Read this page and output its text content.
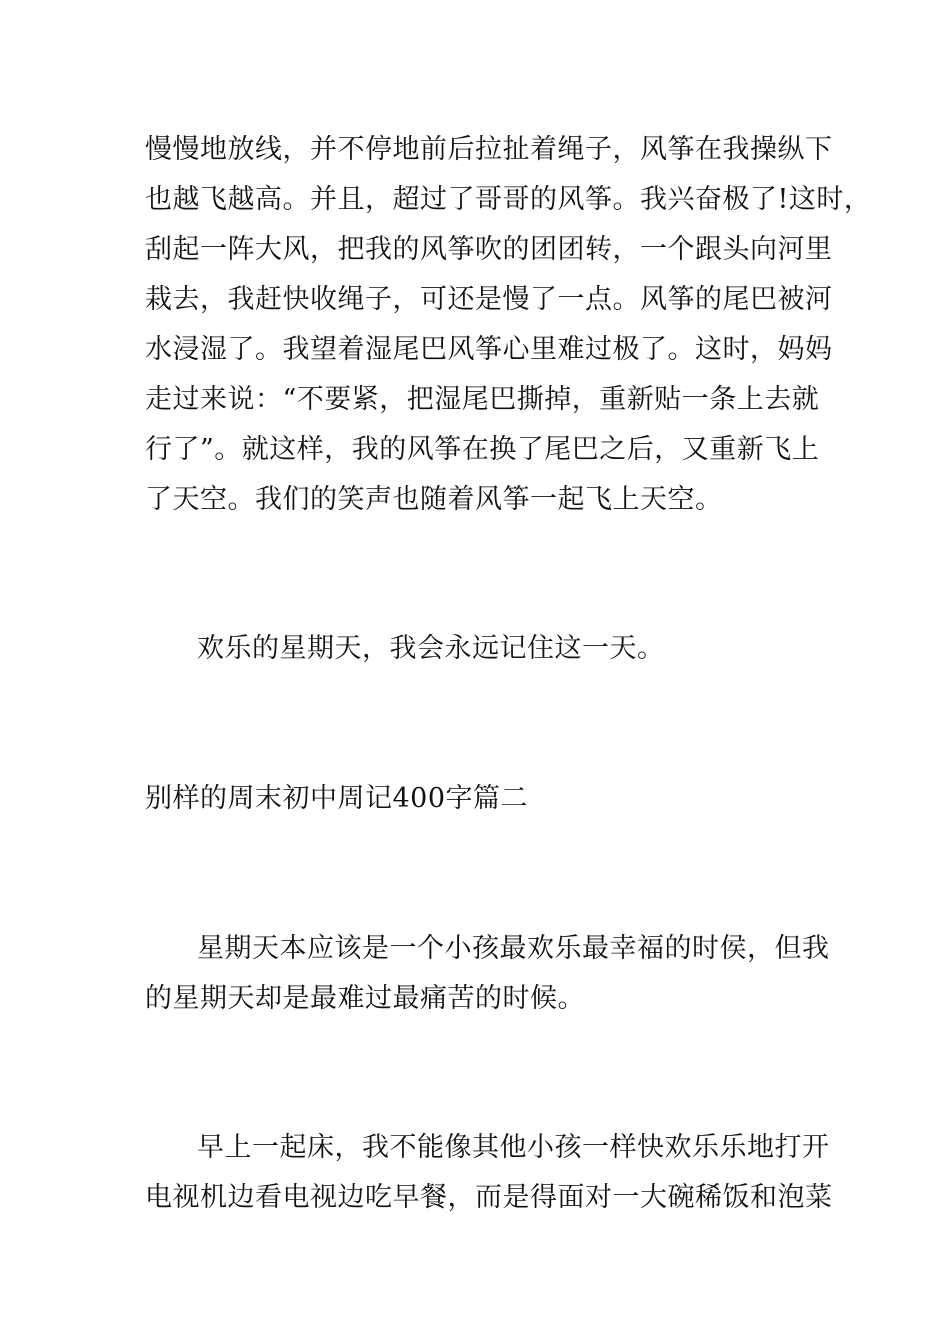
慢慢地放线，并不停地前后拉扯着绳子，风筝在我操纵下
也越飞越高。并且，超过了哥哥的风筝。我兴奋极了!这时，
刮起一阵大风，把我的风筝吹的团团转，一个跟头向河里
栽去，我赶快收绳子，可还是慢了一点。风筝的尾巴被河
水浸湿了。我望着湿尾巴风筝心里难过极了。这时，妈妈
走过来说：“不要紧，把湿尾巴撕掉，重新贴一条上去就
行了”。就这样，我的风筝在换了尾巴之后，又重新飞上
了天空。我们的笑声也随着风筝一起飞上天空。
欢乐的星期天，我会永远记住这一天。
别样的周末初中周记400字篇二
星期天本应该是一个小孩最欢乐最幸福的时侯，但我
的星期天却是最难过最痛苦的时候。
早上一起床，我不能像其他小孩一样快欢乐乐地打开
电视机边看电视边吃早餐，而是得面对一大碗稀饭和泡菜
